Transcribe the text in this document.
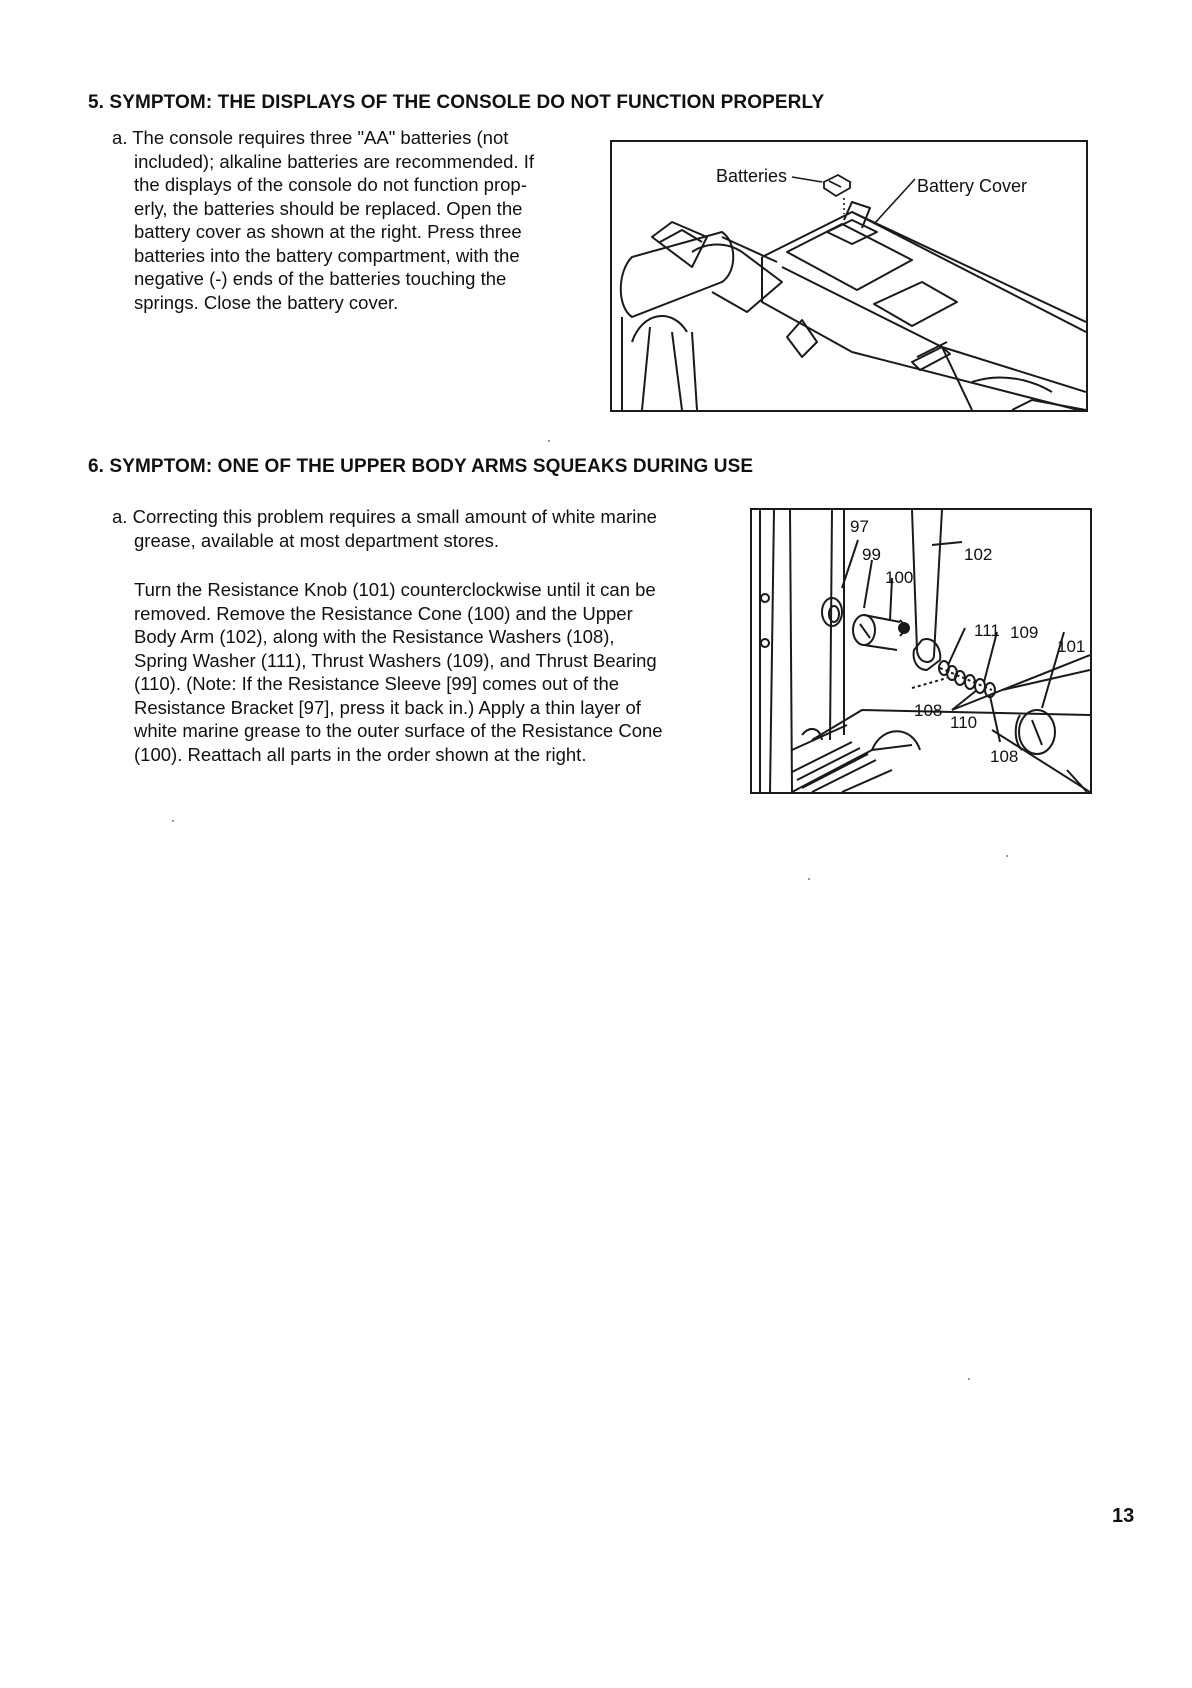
5. SYMPTOM: THE DISPLAYS OF THE CONSOLE DO NOT FUNCTION PROPERLY
a. The console requires three "AA" batteries (not
included); alkaline batteries are recommended. If
the displays of the console do not function prop-
erly, the batteries should be replaced. Open the
battery cover as shown at the right. Press three
batteries into the battery compartment, with the
negative (-) ends of the batteries touching the
springs. Close the battery cover.
Batteries	Battery Cover
6. SYMPTOM: ONE OF THE UPPER BODY ARMS SQUEAKS DURING USE
a. Correcting this problem requires a small amount of white marine
grease, available at most department stores.
Turn the Resistance Knob (101) counterclockwise until it can be
removed. Remove the Resistance Cone (100) and the Upper
Body Arm (102), along with the Resistance Washers (108),
Spring Washer (111), Thrust Washers (109), and Thrust Bearing
(110). (Note: If the Resistance Sleeve [99] comes out of the
Resistance Bracket [97], press it back in.) Apply a thin layer of
white marine grease to the outer surface of the Resistance Cone
(100). Reattach all parts in the order shown at the right.
97
99
100
102
111 109
101
108
110
108
13
